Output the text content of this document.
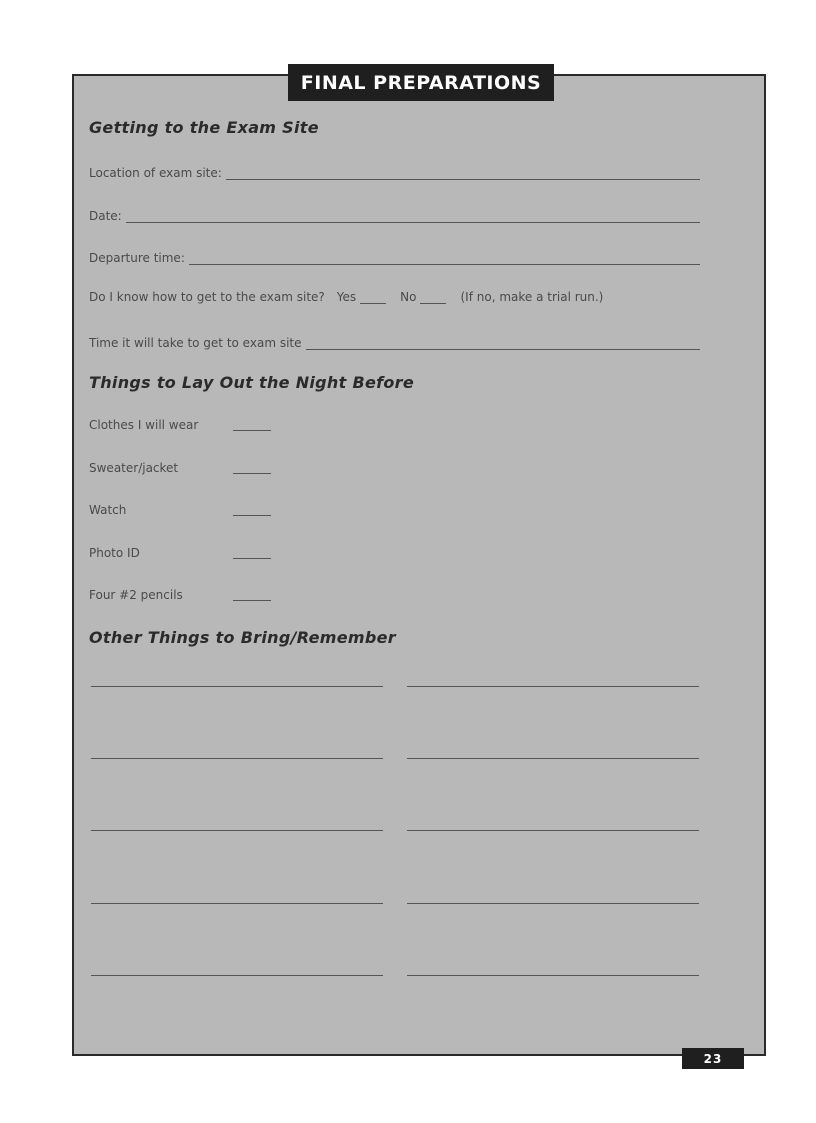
FINAL PREPARATIONS
Getting to the Exam Site
Location of exam site:
Date:
Departure time:
Do I know how to get to the exam site? Yes	No	(If no, make a trial run.)
Time it will take to get to exam site
Things to Lay Out the Night Before
Clothes I will wear
Sweater/jacket
Watch
Photo ID
Four #2 pencils
Other Things to Bring/Remember
23
